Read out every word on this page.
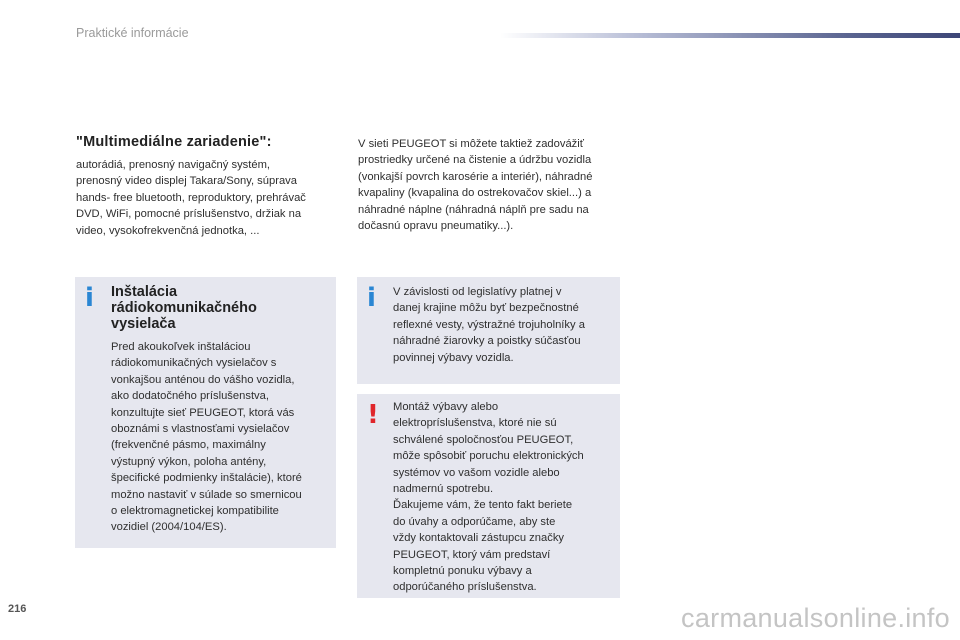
Praktické informácie
"Multimediálne zariadenie":
autorádiá, prenosný navigačný systém,
prenosný video displej Takara/Sony, súprava
hands- free bluetooth, reproduktory, prehrávač
DVD, WiFi, pomocné príslušenstvo, držiak na
video, vysokofrekvenčná jednotka, ...
V sieti PEUGEOT si môžete taktiež zadovážiť
prostriedky určené na čistenie a údržbu vozidla
(vonkajší povrch karosérie a interiér), náhradné
kvapaliny (kvapalina do ostrekovačov skiel...) a
náhradné náplne (náhradná náplň pre sadu na
dočasnú opravu pneumatiky...).
i Inštalácia
rádiokomunikačného
vysielača
Pred akoukoľvek inštaláciou
rádiokomunikačných vysielačov s
vonkajšou anténou do vášho vozidla,
ako dodatočného príslušenstva,
konzultujte sieť PEUGEOT, ktorá vás
oboznámi s vlastnosťami vysielačov
(frekvenčné pásmo, maximálny
výstupný výkon, poloha antény,
špecifické podmienky inštalácie), ktoré
možno nastaviť v súlade so smernicou
o elektromagnetickej kompatibilite
vozidiel (2004/104/ES).
i V závislosti od legislatívy platnej v
danej krajine môžu byť bezpečnostné
reflexné vesty, výstražné trojuholníky a
náhradné žiarovky a poistky súčasťou
povinnej výbavy vozidla.
! Montáž výbavy alebo
elektropríslušenstva, ktoré nie sú
schválené spoločnosťou PEUGEOT,
môže spôsobiť poruchu elektronických
systémov vo vašom vozidle alebo
nadmernú spotrebu.
Ďakujeme vám, že tento fakt beriete
do úvahy a odporúčame, aby ste
vždy kontaktovali zástupcu značky
PEUGEOT, ktorý vám predstaví
kompletnú ponuku výbavy a
odporúčaného príslušenstva.
216	carmanualsonline.info
